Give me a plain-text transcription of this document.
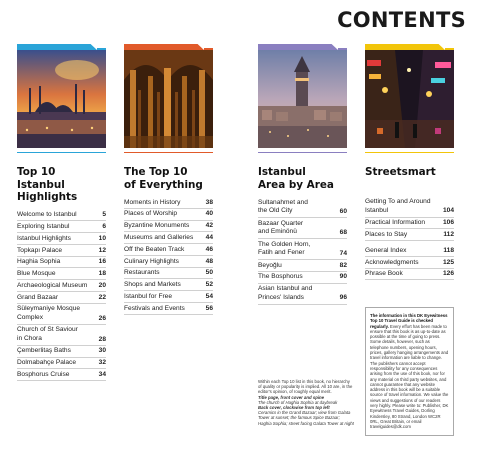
CONTENTS
Top 10 Istanbul
Highlights
Welcome to Istanbul	5
Exploring Istanbul	6
Istanbul Highlights	10
Topkapı Palace	12
Haghia Sophia	16
Blue Mosque	18
Archaeological Museum	20
Grand Bazaar	22
Süleymaniye Mosque
Complex	26
Church of St Saviour
in Chora	28
Çemberlitaş Baths	30
Dolmabahçe Palace	32
Bosphorus Cruise	34
The Top 10
of Everything
Moments in History	38
Places of Worship	40
Byzantine Monuments	42
Museums and Galleries	44
Off the Beaten Track	46
Culinary Highlights	48
Restaurants	50
Shops and Markets	52
Istanbul for Free	54
Festivals and Events	56
Istanbul
Area by Area
Sultanahmet and
the Old City	60
Bazaar Quarter
and Eminönü	68
The Golden Horn,
Fatih and Fener	74
Beyoğlu	82
The Bosphorus	90
Asian Istanbul and
Princes' Islands	96
Streetsmart
Getting To and Around
Istanbul	104
Practical Information	106
Places to Stay	112
General Index	118
Acknowledgments	125
Phrase Book	126
Within each Top 10 list in this book, no hierarchy of quality or popularity is implied. All 10 are, in the editor's opinion, of roughly equal merit.
Title page, front cover and spine
The church of Haghia Sophia at daybreak
Back cover, clockwise from top left
Ceramics in the Grand Bazaar; view from Galata Tower at sunset; the famous Spice Bazaar; Haghia Sophia; street facing Galata Tower at night
The information in this DK Eyewitness Top 10 Travel Guide is checked regularly. Every effort has been made to ensure that this book is as up-to-date as possible at the time of going to press. Some details, however, such as telephone numbers, opening hours, prices, gallery hanging arrangements and travel information are liable to change. The publishers cannot accept responsibility for any consequences arising from the use of this book, nor for any material on third party websites, and cannot guarantee that any website address in this book will be a suitable source of travel information. We value the views and suggestions of our readers very highly. Please write to: Publisher, DK Eyewitness Travel Guides, Dorling Kindersley, 80 Strand, London WC2R 0RL, Great Britain, or email travelguides@dk.com
